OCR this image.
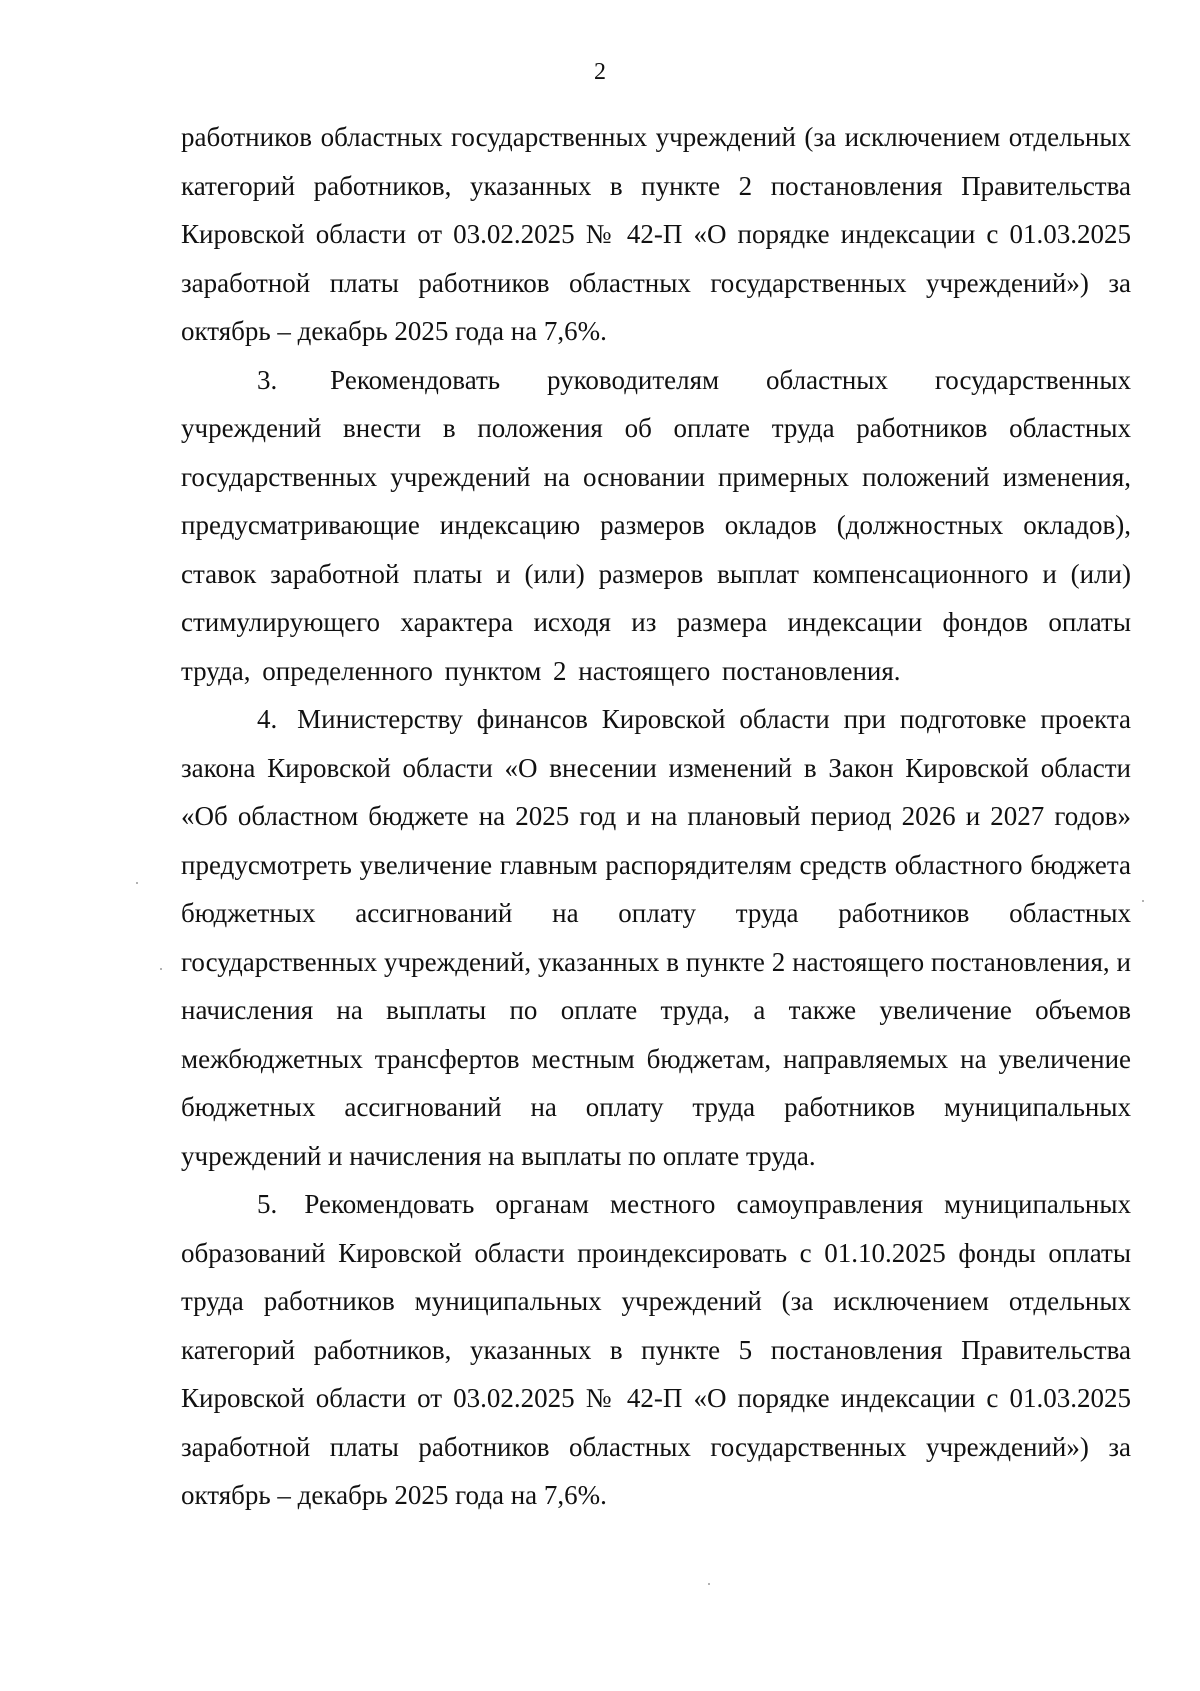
2

работников областных государственных учреждений (за исключением отдельных категорий работников, указанных в пункте 2 постановления Правительства Кировской области от 03.02.2025 № 42-П «О порядке индексации с 01.03.2025 заработной платы работников областных государственных учреждений») за октябрь – декабрь 2025 года на 7,6%.

3. Рекомендовать руководителям областных государственных учреждений внести в положения об оплате труда работников областных государственных учреждений на основании примерных положений изменения, предусматривающие индексацию размеров окладов (должностных окладов), ставок заработной платы и (или) размеров выплат компенсационного и (или) стимулирующего характера исходя из размера индексации фондов оплаты труда, определенного пунктом 2 настоящего постановления.

4. Министерству финансов Кировской области при подготовке проекта закона Кировской области «О внесении изменений в Закон Кировской области «Об областном бюджете на 2025 год и на плановый период 2026 и 2027 годов» предусмотреть увеличение главным распорядителям средств областного бюджета бюджетных ассигнований на оплату труда работников областных государственных учреждений, указанных в пункте 2 настоящего постановления, и начисления на выплаты по оплате труда, а также увеличение объемов межбюджетных трансфертов местным бюджетам, направляемых на увеличение бюджетных ассигнований на оплату труда работников муниципальных учреждений и начисления на выплаты по оплате труда.

5. Рекомендовать органам местного самоуправления муниципальных образований Кировской области проиндексировать с 01.10.2025 фонды оплаты труда работников муниципальных учреждений (за исключением отдельных категорий работников, указанных в пункте 5 постановления Правительства Кировской области от 03.02.2025 № 42-П «О порядке индексации с 01.03.2025 заработной платы работников областных государственных учреждений») за октябрь – декабрь 2025 года на 7,6%.
